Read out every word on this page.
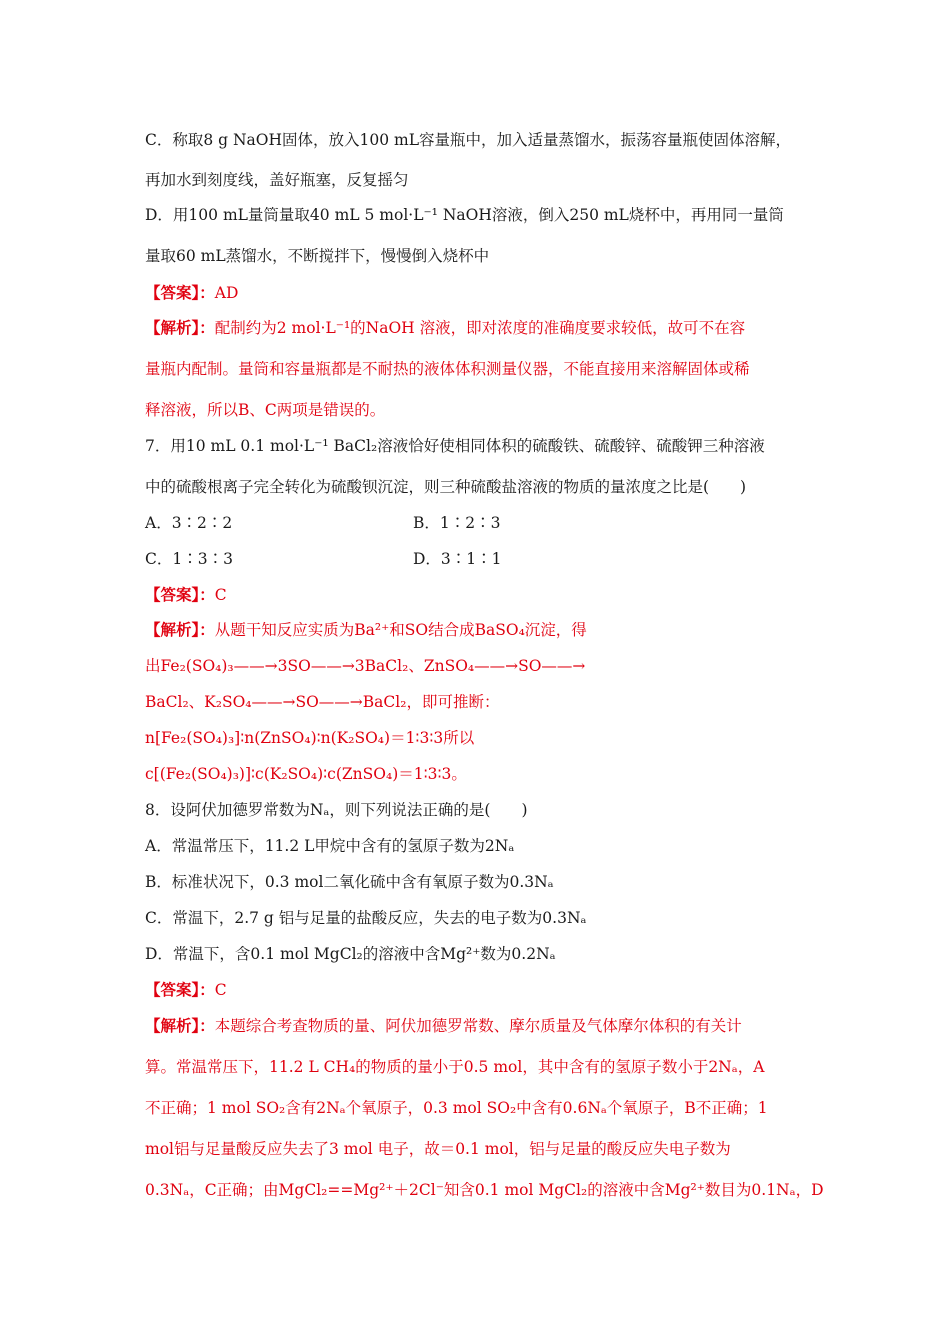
C．称取8 g NaOH固体，放入100 mL容量瓶中，加入适量蒸馏水，振荡容量瓶使固体溶解，
再加水到刻度线，盖好瓶塞，反复摇匀
D．用100 mL量筒量取40 mL 5 mol·L⁻¹ NaOH溶液，倒入250 mL烧杯中，再用同一量筒
量取60 mL蒸馏水，不断搅拌下，慢慢倒入烧杯中
【答案】：AD
【解析】：配制约为2 mol·L⁻¹的NaOH 溶液，即对浓度的准确度要求较低，故可不在容
量瓶内配制。量筒和容量瓶都是不耐热的液体体积测量仪器，不能直接用来溶解固体或稀
释溶液，所以B、C两项是错误的。
7．用10 mL 0.1 mol·L⁻¹ BaCl₂溶液恰好使相同体积的硫酸铁、硫酸锌、硫酸钾三种溶液
中的硫酸根离子完全转化为硫酸钡沉淀，则三种硫酸盐溶液的物质的量浓度之比是(　　)
【答案】：C
【解析】：从题干知反应实质为Ba²⁺和SO结合成BaSO₄沉淀，得
出Fe₂(SO₄)₃——→3SO——→3BaCl₂、ZnSO₄——→SO——→
BaCl₂、K₂SO₄——→SO——→BaCl₂，即可推断：
n[Fe₂(SO₄)₃]∶n(ZnSO₄)∶n(K₂SO₄)＝1∶3∶3所以
c[(Fe₂(SO₄)₃)]∶c(K₂SO₄)∶c(ZnSO₄)＝1∶3∶3。
8．设阿伏加德罗常数为Nₐ，则下列说法正确的是(　　)
A．常温常压下，11.2 L甲烷中含有的氢原子数为2Nₐ
B．标准状况下，0.3 mol二氧化硫中含有氧原子数为0.3Nₐ
C．常温下，2.7 g 铝与足量的盐酸反应，失去的电子数为0.3Nₐ
D．常温下，含0.1 mol MgCl₂的溶液中含Mg²⁺数为0.2Nₐ
【答案】：C
【解析】：本题综合考查物质的量、阿伏加德罗常数、摩尔质量及气体摩尔体积的有关计
算。常温常压下，11.2 L CH₄的物质的量小于0.5 mol，其中含有的氢原子数小于2Nₐ，A
不正确；1 mol SO₂含有2Nₐ个氧原子，0.3 mol SO₂中含有0.6Nₐ个氧原子，B不正确；1
mol铝与足量酸反应失去了3 mol 电子，故＝0.1 mol，铝与足量的酸反应失电子数为
0.3Nₐ，C正确；由MgCl₂==Mg²⁺＋2Cl⁻知含0.1 mol MgCl₂的溶液中含Mg²⁺数目为0.1Nₐ，D
A．3∶2∶2	B．1∶2∶3
C．1∶3∶3	D．3∶1∶1
